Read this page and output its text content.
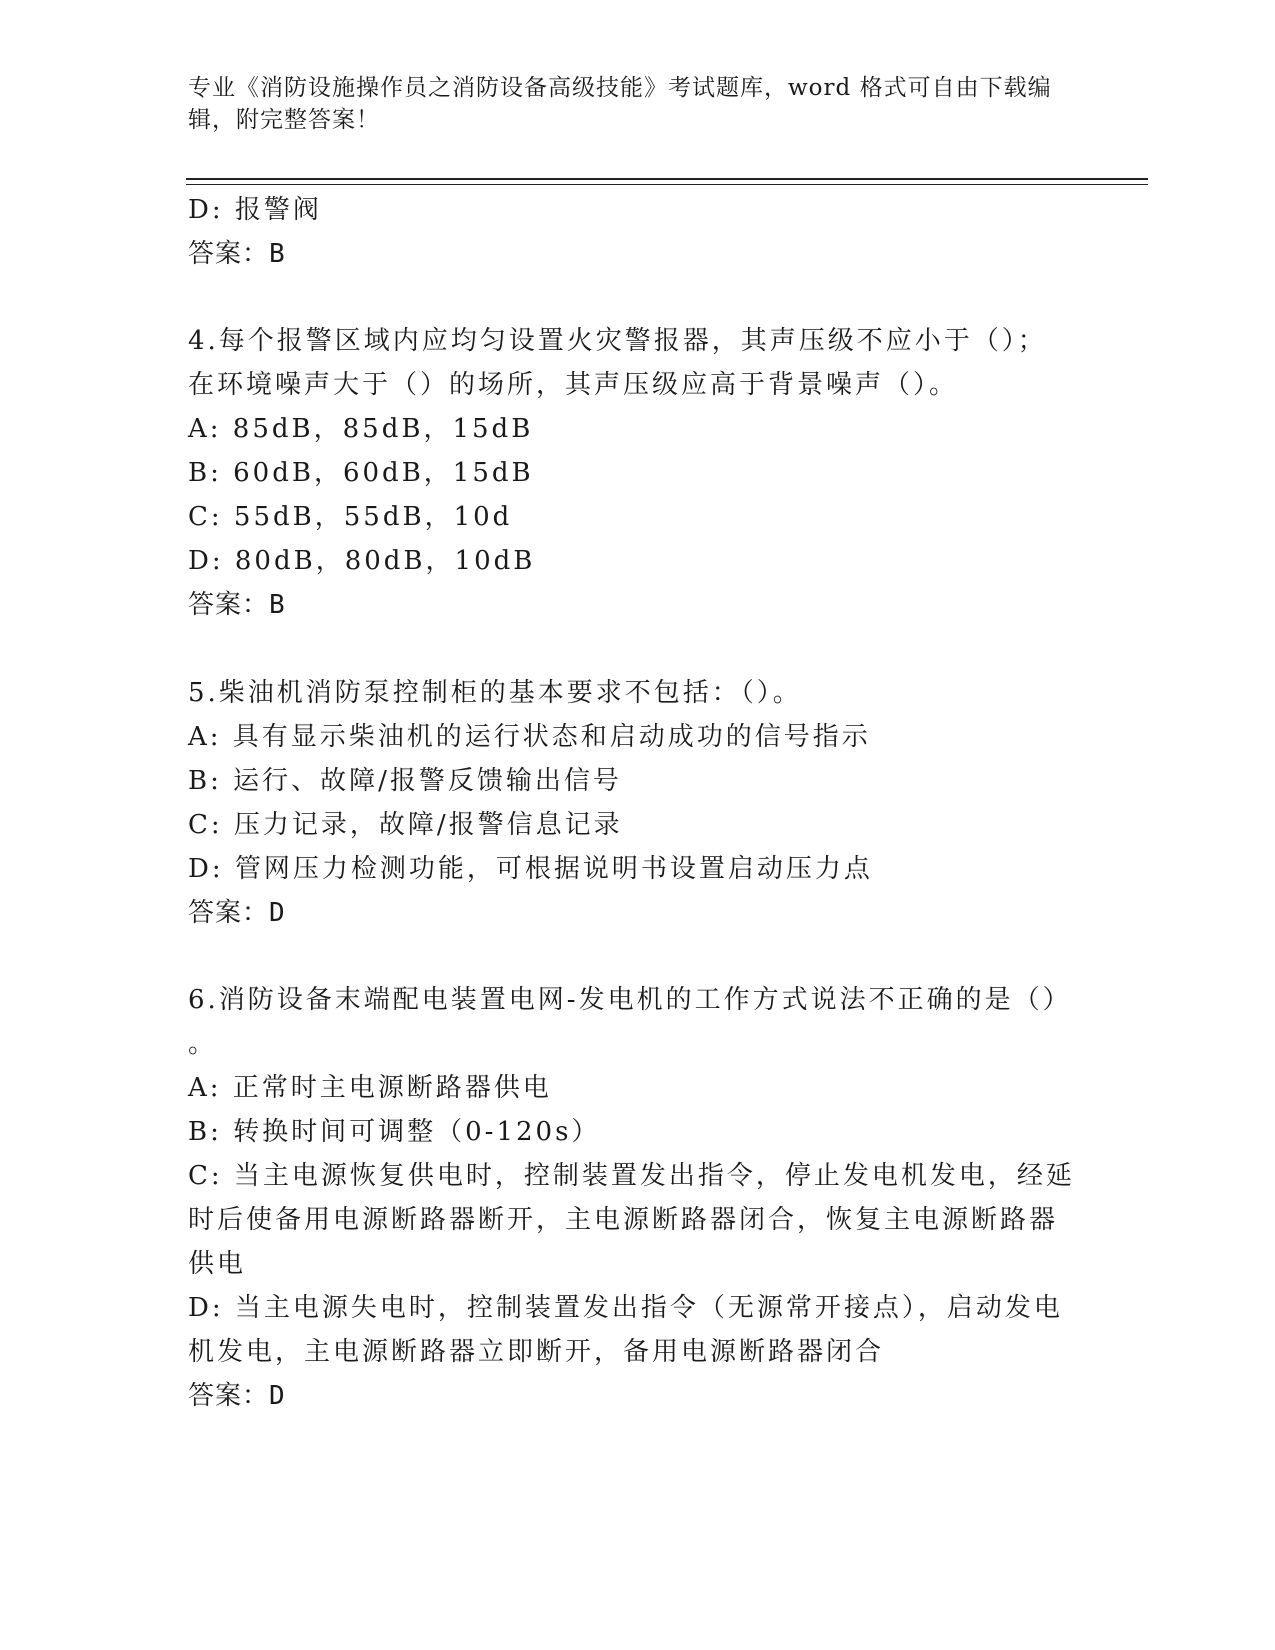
专业《消防设施操作员之消防设备高级技能》考试题库，word 格式可自由下载编
辑，附完整答案！
D: 报警阀
答案：B
4.每个报警区域内应均匀设置火灾警报器，其声压级不应小于（）；
在环境噪声大于（）的场所，其声压级应高于背景噪声（）。
A: 85dB，85dB，15dB
B: 60dB，60dB，15dB
C: 55dB，55dB，10d
D: 80dB，80dB，10dB
答案：B
5.柴油机消防泵控制柜的基本要求不包括：（）。
A: 具有显示柴油机的运行状态和启动成功的信号指示
B: 运行、故障/报警反馈输出信号
C: 压力记录，故障/报警信息记录
D: 管网压力检测功能，可根据说明书设置启动压力点
答案：D
6.消防设备末端配电装置电网-发电机的工作方式说法不正确的是（）
。
A: 正常时主电源断路器供电
B: 转换时间可调整（0-120s）
C: 当主电源恢复供电时，控制装置发出指令，停止发电机发电，经延
时后使备用电源断路器断开，主电源断路器闭合，恢复主电源断路器
供电
D: 当主电源失电时，控制装置发出指令（无源常开接点），启动发电
机发电，主电源断路器立即断开，备用电源断路器闭合
答案：D
